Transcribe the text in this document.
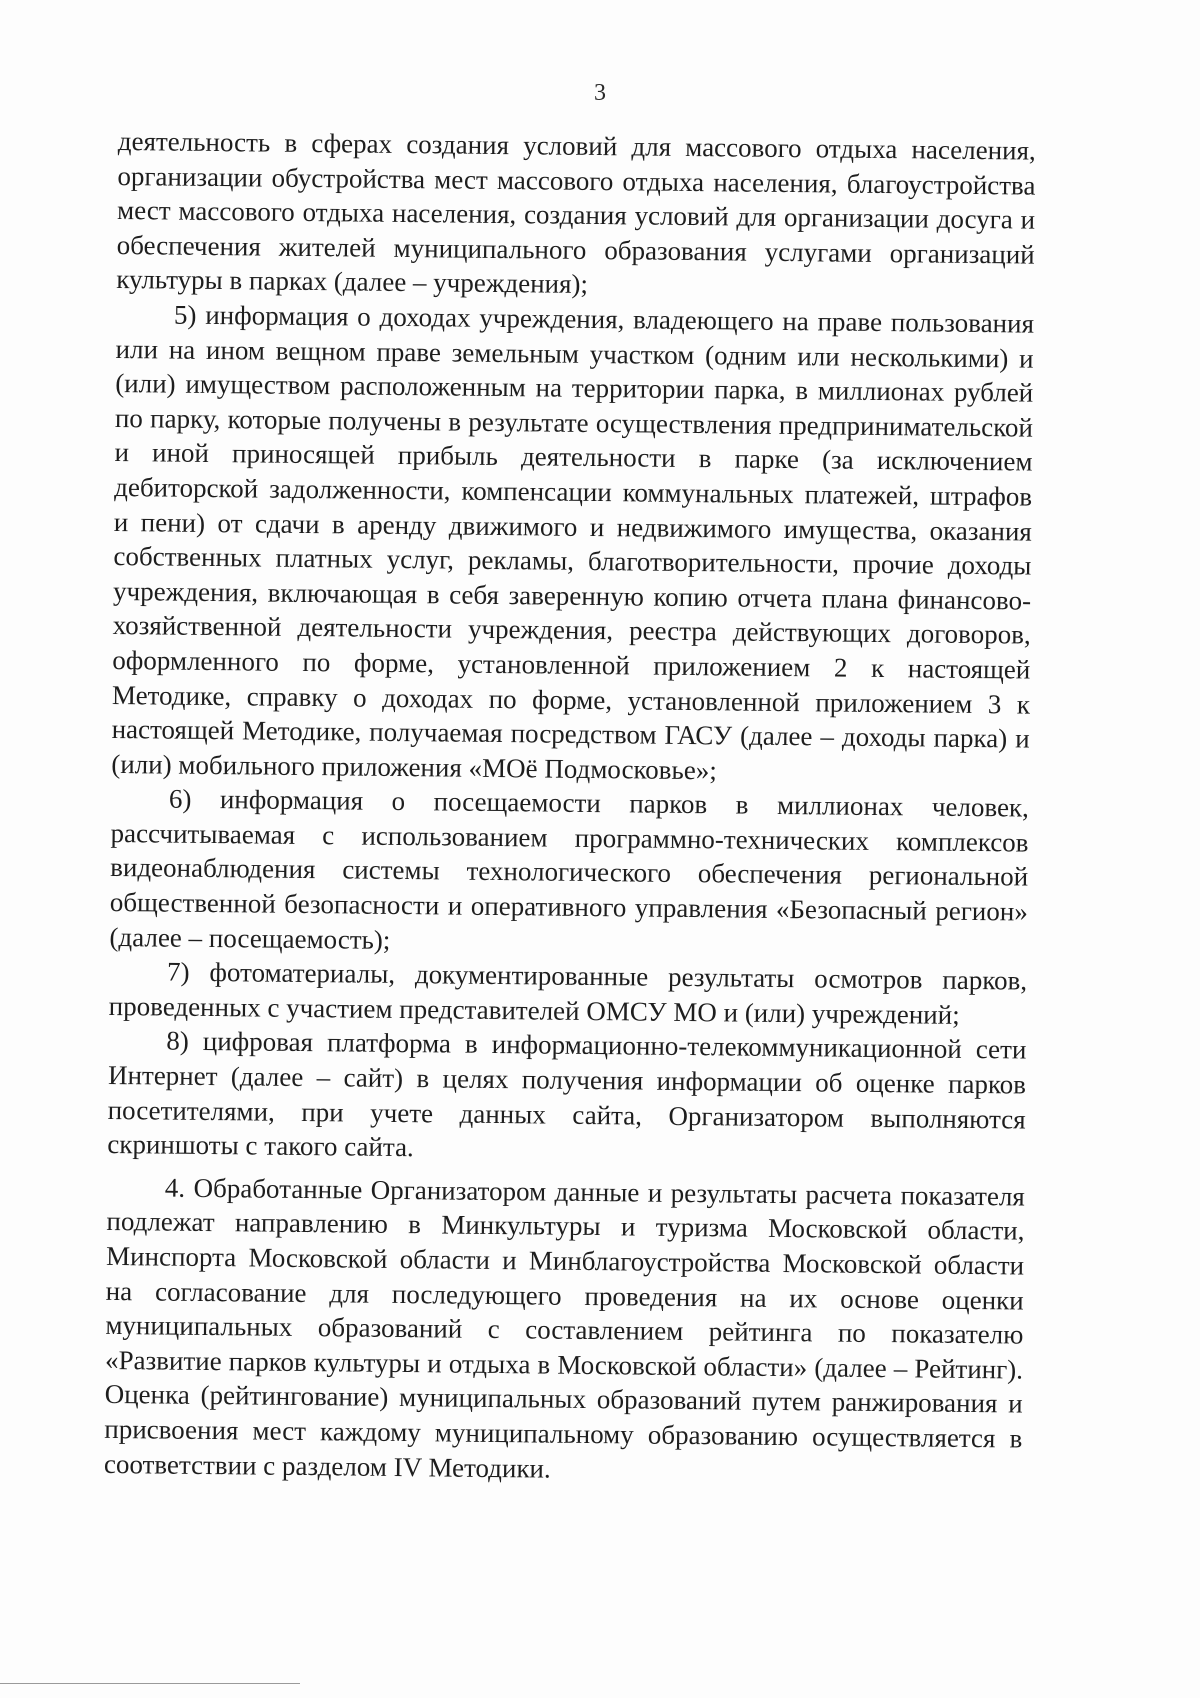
3

деятельность в сферах создания условий для массового отдыха населения, организации обустройства мест массового отдыха населения, благоустройства мест массового отдыха населения, создания условий для организации досуга и обеспечения жителей муниципального образования услугами организаций культуры в парках (далее – учреждения);

5) информация о доходах учреждения, владеющего на праве пользования или на ином вещном праве земельным участком (одним или несколькими) и (или) имуществом расположенным на территории парка, в миллионах рублей по парку, которые получены в результате осуществления предпринимательской и иной приносящей прибыль деятельности в парке (за исключением дебиторской задолженности, компенсации коммунальных платежей, штрафов и пени) от сдачи в аренду движимого и недвижимого имущества, оказания собственных платных услуг, рекламы, благотворительности, прочие доходы учреждения, включающая в себя заверенную копию отчета плана финансово-хозяйственной деятельности учреждения, реестра действующих договоров, оформленного по форме, установленной приложением 2 к настоящей Методике, справку о доходах по форме, установленной приложением 3 к настоящей Методике, получаемая посредством ГАСУ (далее – доходы парка) и (или) мобильного приложения «МОё Подмосковье»;

6) информация о посещаемости парков в миллионах человек, рассчитываемая с использованием программно-технических комплексов видеонаблюдения системы технологического обеспечения региональной общественной безопасности и оперативного управления «Безопасный регион» (далее – посещаемость);

7) фотоматериалы, документированные результаты осмотров парков, проведенных с участием представителей ОМСУ МО и (или) учреждений;

8) цифровая платформа в информационно-телекоммуникационной сети Интернет (далее – сайт) в целях получения информации об оценке парков посетителями, при учете данных сайта, Организатором выполняются скриншоты с такого сайта.

4. Обработанные Организатором данные и результаты расчета показателя подлежат направлению в Минкультуры и туризма Московской области, Минспорта Московской области и Минблагоустройства Московской области на согласование для последующего проведения на их основе оценки муниципальных образований с составлением рейтинга по показателю «Развитие парков культуры и отдыха в Московской области» (далее – Рейтинг). Оценка (рейтингование) муниципальных образований путем ранжирования и присвоения мест каждому муниципальному образованию осуществляется в соответствии с разделом IV Методики.
